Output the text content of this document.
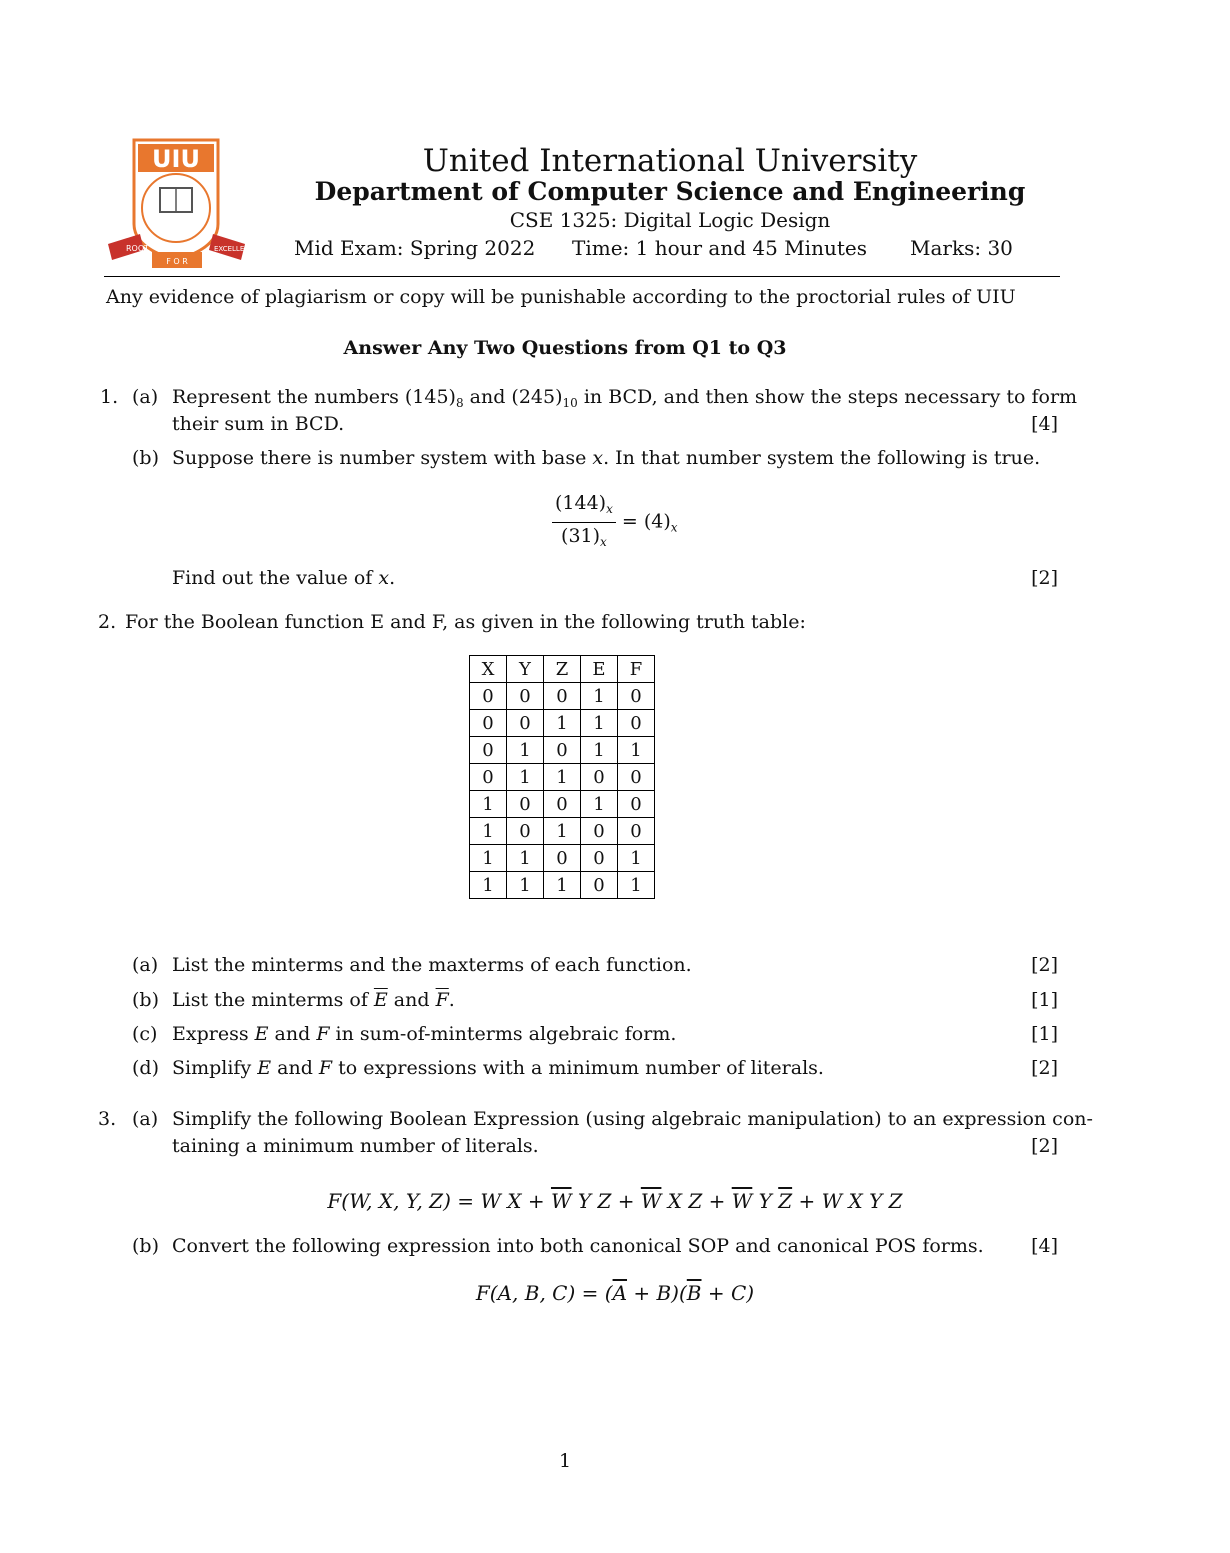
UIU
ROOT	EXCELLENCE
F O R
United International University
Department of Computer Science and Engineering
CSE 1325: Digital Logic Design
Mid Exam: Spring 2022 Time: 1 hour and 45 Minutes Marks: 30
Any evidence of plagiarism or copy will be punishable according to the proctorial rules of UIU
Answer Any Two Questions from Q1 to Q3
1. (a) Represent the numbers $(145)_8$ and $(245)_{10}$ in BCD, and then show the steps necessary to form
their sum in BCD.	[4]
(b) Suppose there is number system with base x. In that number system the following is true.
$\frac{(144)_x}{(31)_x} = (4)_x$
Find out the value of x.	[2]
2. For the Boolean function E and F, as given in the following truth table:
X	Y	Z	E	F
0	0	0	1	0
0	0	1	1	0
0	1	0	1	1
0	1	1	0	0
1	0	0	1	0
1	0	1	0	0
1	1	0	0	1
1	1	1	0	1
(a) List the minterms and the maxterms of each function.	[2]
(b) List the minterms of $\overline{E}$ and $\overline{F}$.	[1]
(c) Express E and F in sum-of-minterms algebraic form.	[1]
(d) Simplify E and F to expressions with a minimum number of literals.	[2]
3. (a) Simplify the following Boolean Expression (using algebraic manipulation) to an expression con-
taining a minimum number of literals.	[2]
F(W, X, Y, Z) = W $X + \overline{W}$ Y $Z + \overline{W}$ X $Z + \overline{W}$ Y $\overline{Z} + W$ X Y Z
(b) Convert the following expression into both canonical SOP and canonical POS forms. [4]
F(A, B, $C) = (\overline{A} + B)(\overline{B} + C)$
1
